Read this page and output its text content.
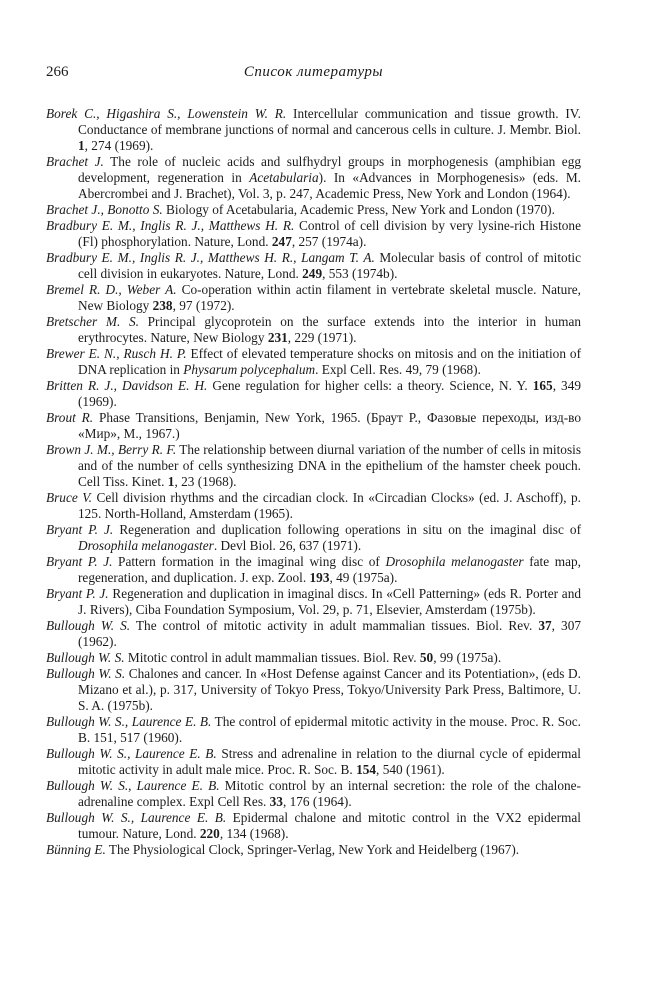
266	Список литературы

Borek C., Higashira S., Lowenstein W. R. Intercellular communication and tissue growth. IV. Conductance of membrane junctions of normal and cancerous cells in culture. J. Membr. Biol. 1, 274 (1969).

Brachet J. The role of nucleic acids and sulfhydryl groups in morphogenesis (amphibian egg development, regeneration in Acetabularia). In «Advances in Morphogenesis» (eds. M. Abercrombei and J. Brachet), Vol. 3, p. 247, Academic Press, New York and London (1964).

Brachet J., Bonotto S. Biology of Acetabularia, Academic Press, New York and London (1970).

Bradbury E. M., Inglis R. J., Matthews H. R. Control of cell division by very lysine-rich Histone (Fl) phosphorylation. Nature, Lond. 247, 257 (1974a).

Bradbury E. M., Inglis R. J., Matthews H. R., Langam T. A. Molecular basis of control of mitotic cell division in eukaryotes. Nature, Lond. 249, 553 (1974b).

Bremel R. D., Weber A. Co-operation within actin filament in vertebrate skeletal muscle. Nature, New Biology 238, 97 (1972).

Bretscher M. S. Principal glycoprotein on the surface extends into the interior in human erythrocytes. Nature, New Biology 231, 229 (1971).

Brewer E. N., Rusch H. P. Effect of elevated temperature shocks on mitosis and on the initiation of DNA replication in Physarum polycephalum. Expl Cell. Res. 49, 79 (1968).

Britten R. J., Davidson E. H. Gene regulation for higher cells: a theory. Science, N. Y. 165, 349 (1969).

Brout R. Phase Transitions, Benjamin, New York, 1965. (Браут Р., Фазовые переходы, изд-во «Мир», М., 1967.)

Brown J. M., Berry R. F. The relationship between diurnal variation of the number of cells in mitosis and of the number of cells synthesizing DNA in the epithelium of the hamster cheek pouch. Cell Tiss. Kinet. 1, 23 (1968).

Bruce V. Cell division rhythms and the circadian clock. In «Circadian Clocks» (ed. J. Aschoff), p. 125. North-Holland, Amsterdam (1965).

Bryant P. J. Regeneration and duplication following operations in situ on the imaginal disc of Drosophila melanogaster. Devl Biol. 26, 637 (1971).

Bryant P. J. Pattern formation in the imaginal wing disc of Drosophila melanogaster fate map, regeneration, and duplication. J. exp. Zool. 193, 49 (1975a).

Bryant P. J. Regeneration and duplication in imaginal discs. In «Cell Patterning» (eds R. Porter and J. Rivers), Ciba Foundation Symposium, Vol. 29, p. 71, Elsevier, Amsterdam (1975b).

Bullough W. S. The control of mitotic activity in adult mammalian tissues. Biol. Rev. 37, 307 (1962).

Bullough W. S. Mitotic control in adult mammalian tissues. Biol. Rev. 50, 99 (1975a).

Bullough W. S. Chalones and cancer. In «Host Defense against Cancer and its Potentiation», (eds D. Mizano et al.), p. 317, University of Tokyo Press, Tokyo/University Park Press, Baltimore, U. S. A. (1975b).

Bullough W. S., Laurence E. B. The control of epidermal mitotic activity in the mouse. Proc. R. Soc. B. 151, 517 (1960).

Bullough W. S., Laurence E. B. Stress and adrenaline in relation to the diurnal cycle of epidermal mitotic activity in adult male mice. Proc. R. Soc. B. 154, 540 (1961).

Bullough W. S., Laurence E. B. Mitotic control by an internal secretion: the role of the chalone-adrenaline complex. Expl Cell Res. 33, 176 (1964).

Bullough W. S., Laurence E. B. Epidermal chalone and mitotic control in the VX2 epidermal tumour. Nature, Lond. 220, 134 (1968).

Bünning E. The Physiological Clock, Springer-Verlag, New York and Heidelberg (1967).
